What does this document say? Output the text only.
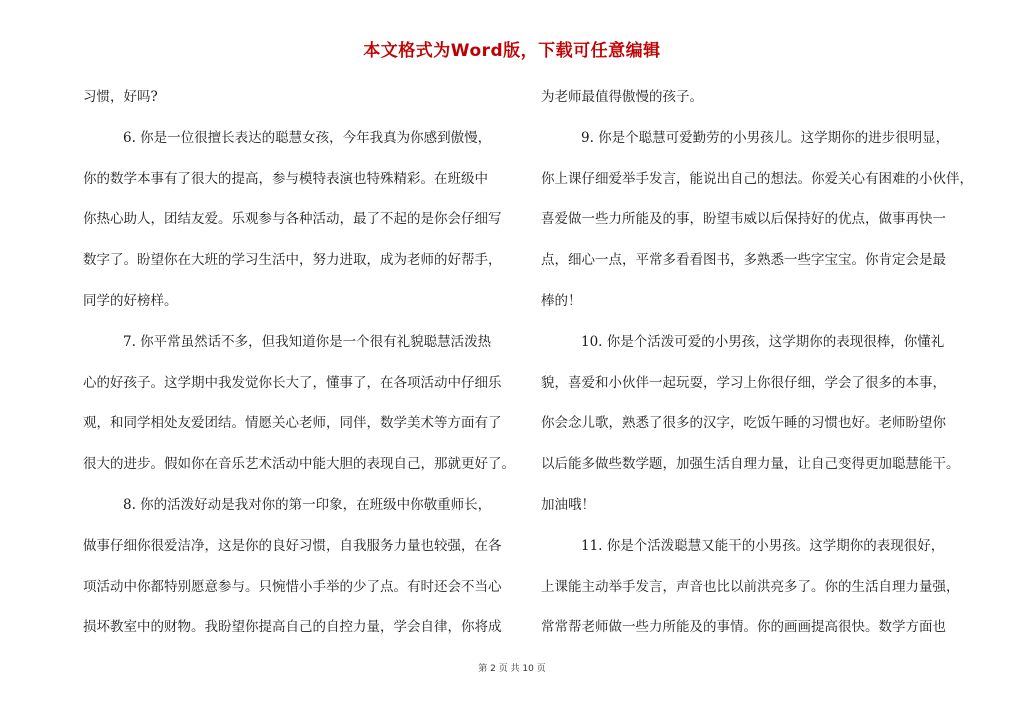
本文格式为Word版，下载可任意编辑
习惯，好吗?
6. 你是一位很擅长表达的聪慧女孩，今年我真为你感到傲慢，
你的数学本事有了很大的提高，参与模特表演也特殊精彩。在班级中
你热心助人，团结友爱。乐观参与各种活动，最了不起的是你会仔细写
数字了。盼望你在大班的学习生活中，努力进取，成为老师的好帮手，
同学的好榜样。
7. 你平常虽然话不多，但我知道你是一个很有礼貌聪慧活泼热
心的好孩子。这学期中我发觉你长大了，懂事了，在各项活动中仔细乐
观，和同学相处友爱团结。情愿关心老师，同伴，数学美术等方面有了
很大的进步。假如你在音乐艺术活动中能大胆的表现自己，那就更好了。
8. 你的活泼好动是我对你的第一印象，在班级中你敬重师长，
做事仔细你很爱洁净，这是你的良好习惯，自我服务力量也较强，在各
项活动中你都特别愿意参与。只惋惜小手举的少了点。有时还会不当心
损坏教室中的财物。我盼望你提高自己的自控力量，学会自律，你将成
为老师最值得傲慢的孩子。
9. 你是个聪慧可爱勤劳的小男孩儿。这学期你的进步很明显，
你上课仔细爱举手发言，能说出自己的想法。你爱关心有困难的小伙伴，
喜爱做一些力所能及的事，盼望韦威以后保持好的优点，做事再快一
点，细心一点，平常多看看图书，多熟悉一些字宝宝。你肯定会是最
棒的！
10. 你是个活泼可爱的小男孩，这学期你的表现很棒，你懂礼
貌，喜爱和小伙伴一起玩耍，学习上你很仔细，学会了很多的本事，
你会念儿歌，熟悉了很多的汉字，吃饭午睡的习惯也好。老师盼望你
以后能多做些数学题，加强生活自理力量，让自己变得更加聪慧能干。
加油哦！
11. 你是个活泼聪慧又能干的小男孩。这学期你的表现很好，
上课能主动举手发言，声音也比以前洪亮多了。你的生活自理力量强，
常常帮老师做一些力所能及的事情。你的画画提高很快。数学方面也
第 2 页 共 10 页
